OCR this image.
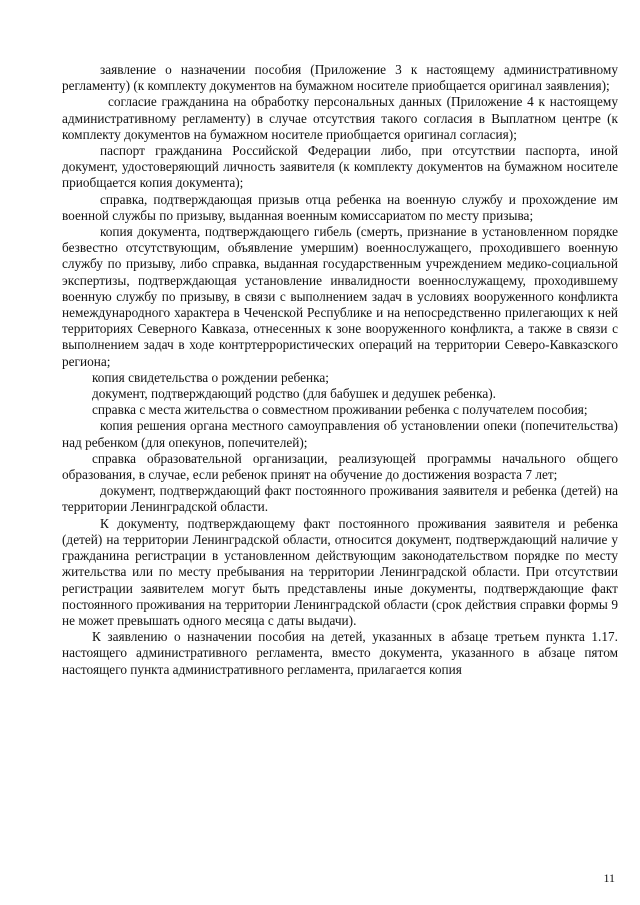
заявление о назначении пособия (Приложение 3 к настоящему административному регламенту) (к комплекту документов на бумажном носителе приобщается оригинал заявления);

согласие гражданина на обработку персональных данных (Приложение 4 к настоящему административному регламенту) в случае отсутствия такого согласия в Выплатном центре (к комплекту документов на бумажном носителе приобщается оригинал согласия);

паспорт гражданина Российской Федерации либо, при отсутствии паспорта, иной документ, удостоверяющий личность заявителя (к комплекту документов на бумажном носителе приобщается копия документа);

справка, подтверждающая призыв отца ребенка на военную службу и прохождение им военной службы по призыву, выданная военным комиссариатом по месту призыва;

копия документа, подтверждающего гибель (смерть, признание в установленном порядке безвестно отсутствующим, объявление умершим) военнослужащего, проходившего военную службу по призыву, либо справка, выданная государственным учреждением медико-социальной экспертизы, подтверждающая установление инвалидности военнослужащему, проходившему военную службу по призыву, в связи с выполнением задач в условиях вооруженного конфликта немеждународного характера в Чеченской Республике и на непосредственно прилегающих к ней территориях Северного Кавказа, отнесенных к зоне вооруженного конфликта, а также в связи с выполнением задач в ходе контртеррористических операций на территории Северо-Кавказского региона;

копия свидетельства о рождении ребенка;

документ, подтверждающий родство (для бабушек и дедушек ребенка).

справка с места жительства о совместном проживании ребенка с получателем пособия;

копия решения органа местного самоуправления об установлении опеки (попечительства) над ребенком (для опекунов, попечителей);

справка образовательной организации, реализующей программы начального общего образования, в случае, если ребенок принят на обучение до достижения возраста 7 лет;

документ, подтверждающий факт постоянного проживания заявителя и ребенка (детей) на территории Ленинградской области.

К документу, подтверждающему факт постоянного проживания заявителя и ребенка (детей) на территории Ленинградской области, относится документ, подтверждающий наличие у гражданина регистрации в установленном действующим законодательством порядке по месту жительства или по месту пребывания на территории Ленинградской области. При отсутствии регистрации заявителем могут быть представлены иные документы, подтверждающие факт постоянного проживания на территории Ленинградской области (срок действия справки формы 9 не может превышать одного месяца с даты выдачи).

К заявлению о назначении пособия на детей, указанных в абзаце третьем пункта 1.17. настоящего административного регламента, вместо документа, указанного в абзаце пятом настоящего пункта административного регламента, прилагается копия

11
